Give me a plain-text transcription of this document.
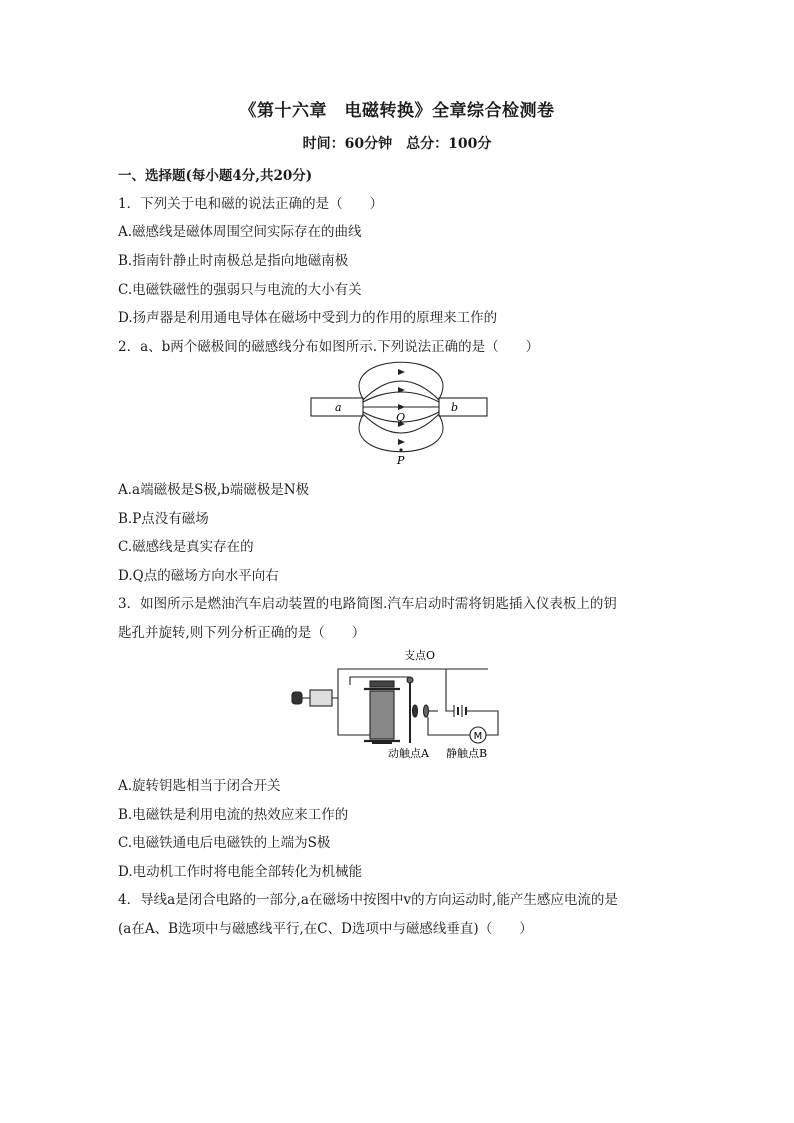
《第十六章　电磁转换》全章综合检测卷
时间：60分钟　总分：100分
一、选择题(每小题4分,共20分)
1．下列关于电和磁的说法正确的是（　　）
A.磁感线是磁体周围空间实际存在的曲线
B.指南针静止时南极总是指向地磁南极
C.电磁铁磁性的强弱只与电流的大小有关
D.扬声器是利用通电导体在磁场中受到力的作用的原理来工作的
2．a、b两个磁极间的磁感线分布如图所示.下列说法正确的是（　　）
a	b
Q
P
A.a端磁极是S极,b端磁极是N极
B.P点没有磁场
C.磁感线是真实存在的
D.Q点的磁场方向水平向右
3．如图所示是燃油汽车启动装置的电路简图.汽车启动时需将钥匙插入仪表板上的钥
匙孔并旋转,则下列分析正确的是（　　）
M
支点O
动触点A 静触点B
A.旋转钥匙相当于闭合开关
B.电磁铁是利用电流的热效应来工作的
C.电磁铁通电后电磁铁的上端为S极
D.电动机工作时将电能全部转化为机械能
4．导线a是闭合电路的一部分,a在磁场中按图中v的方向运动时,能产生感应电流的是
(a在A、B选项中与磁感线平行,在C、D选项中与磁感线垂直)（　　）
